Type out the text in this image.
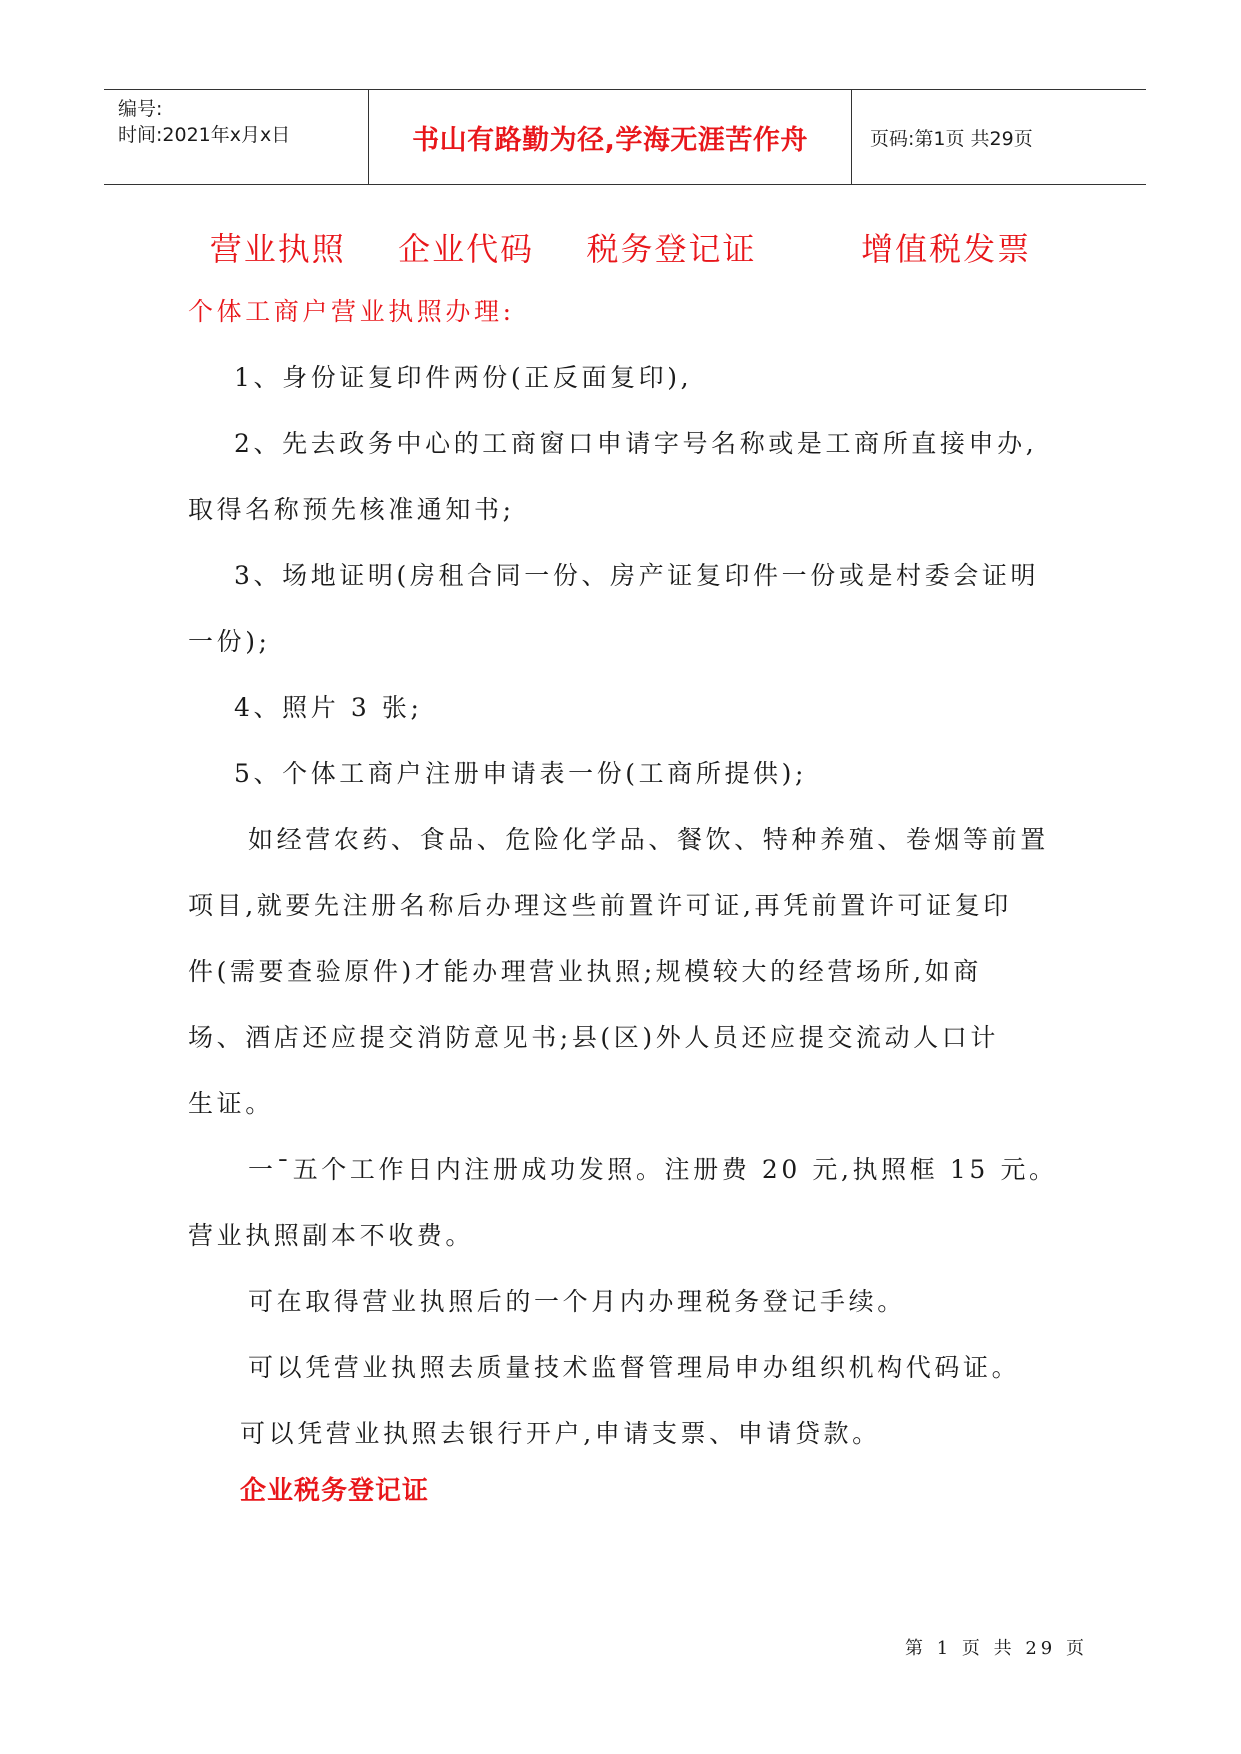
编号:
时间:2021年x月x日	书山有路勤为径,学海无涯苦作舟	页码:第1页 共29页
营业执照  企业代码  税务登记证    增值税发票
个体工商户营业执照办理:
1、身份证复印件两份(正反面复印),
2、先去政务中心的工商窗口申请字号名称或是工商所直接申办,
取得名称预先核准通知书;
3、场地证明(房租合同一份、房产证复印件一份或是村委会证明
一份);
4、照片 3 张;
5、个体工商户注册申请表一份(工商所提供);
如经营农药、食品、危险化学品、餐饮、特种养殖、卷烟等前置
项目,就要先注册名称后办理这些前置许可证,再凭前置许可证复印
件(需要查验原件)才能办理营业执照;规模较大的经营场所,如商
场、酒店还应提交消防意见书;县(区)外人员还应提交流动人口计
生证。
一¯五个工作日内注册成功发照。注册费 20 元,执照框 15 元。
营业执照副本不收费。
可在取得营业执照后的一个月内办理税务登记手续。
可以凭营业执照去质量技术监督管理局申办组织机构代码证。
可以凭营业执照去银行开户,申请支票、申请贷款。
企业税务登记证
第 1 页 共 29 页
